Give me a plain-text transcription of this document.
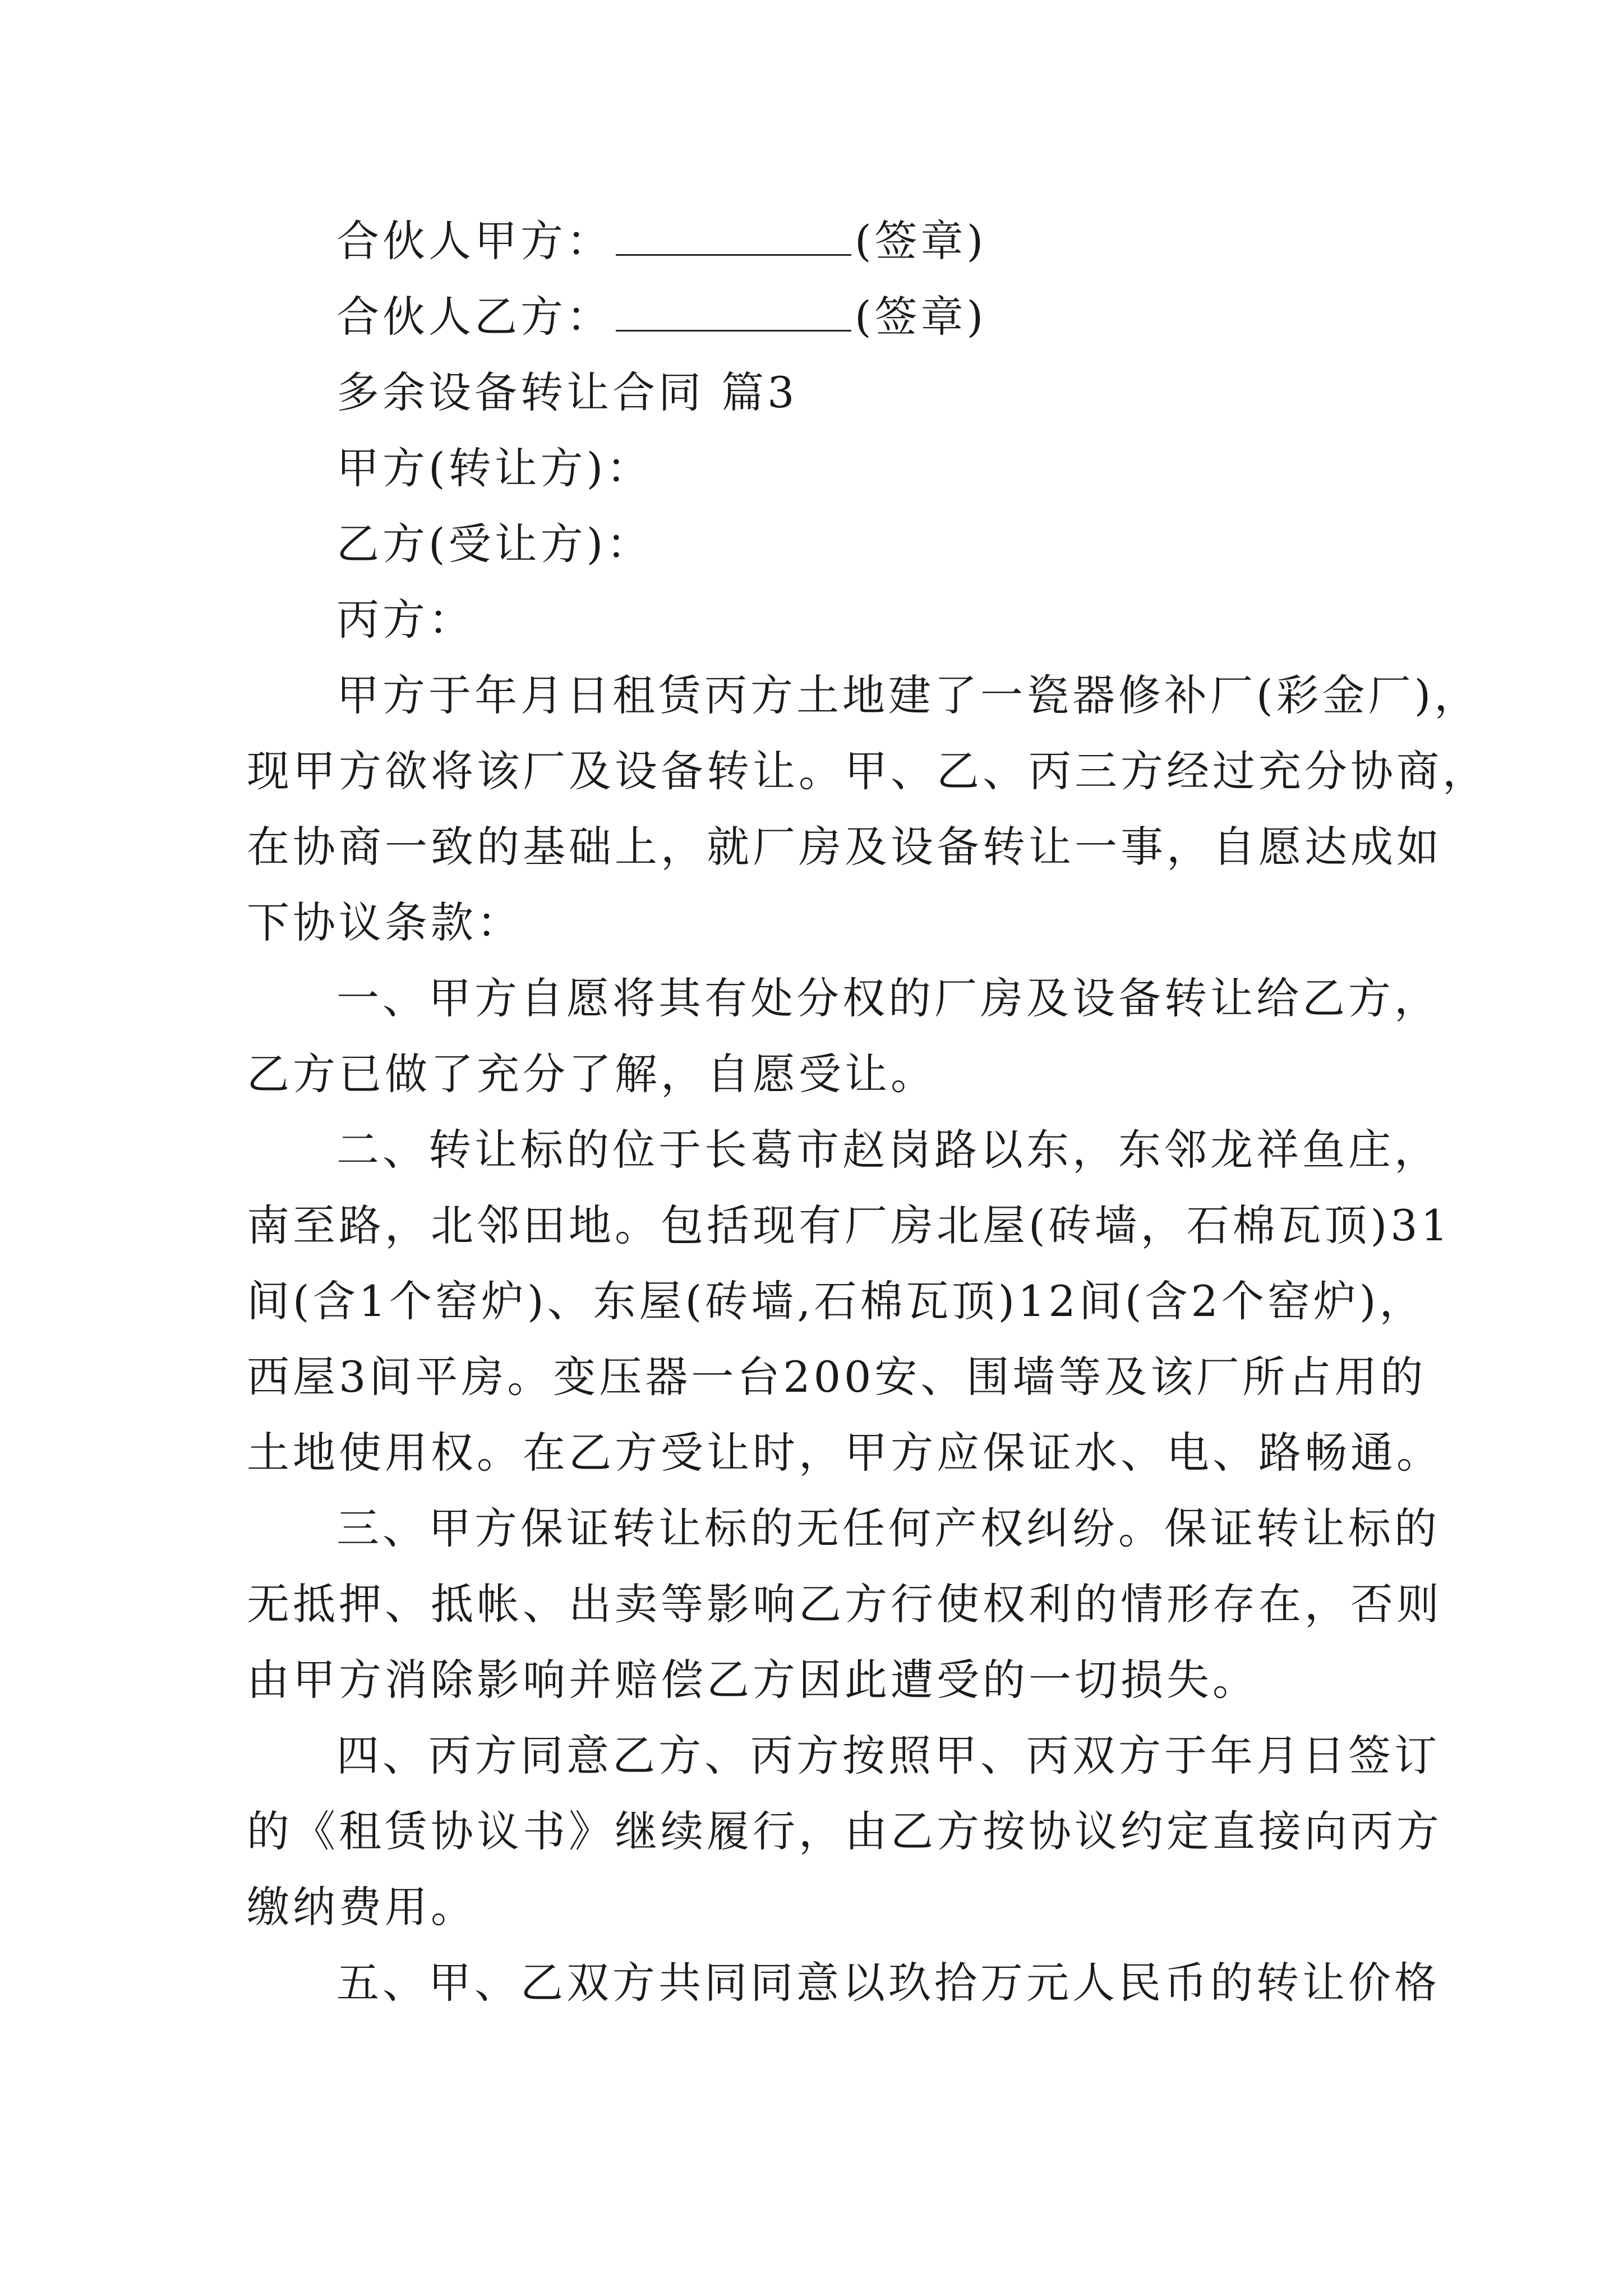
合伙人甲方：	(签章)
合伙人乙方：	(签章)
多余设备转让合同 篇3
甲方(转让方)：
乙方(受让方)：
丙方：
甲方于年月日租赁丙方土地建了一瓷器修补厂(彩金厂)，
现甲方欲将该厂及设备转让。甲、乙、丙三方经过充分协商，
在协商一致的基础上，就厂房及设备转让一事，自愿达成如
下协议条款：
一、甲方自愿将其有处分权的厂房及设备转让给乙方，
乙方已做了充分了解，自愿受让。
二、转让标的位于长葛市赵岗路以东，东邻龙祥鱼庄，
南至路，北邻田地。包括现有厂房北屋(砖墙，石棉瓦顶)31
间(含1个窑炉)、东屋(砖墙,石棉瓦顶)12间(含2个窑炉)，
西屋3间平房。变压器一台200安、围墙等及该厂所占用的
土地使用权。在乙方受让时，甲方应保证水、电、路畅通。
三、甲方保证转让标的无任何产权纠纷。保证转让标的
无抵押、抵帐、出卖等影响乙方行使权利的情形存在，否则
由甲方消除影响并赔偿乙方因此遭受的一切损失。
四、丙方同意乙方、丙方按照甲、丙双方于年月日签订
的《租赁协议书》继续履行，由乙方按协议约定直接向丙方
缴纳费用。
五、甲、乙双方共同同意以玖拾万元人民币的转让价格
